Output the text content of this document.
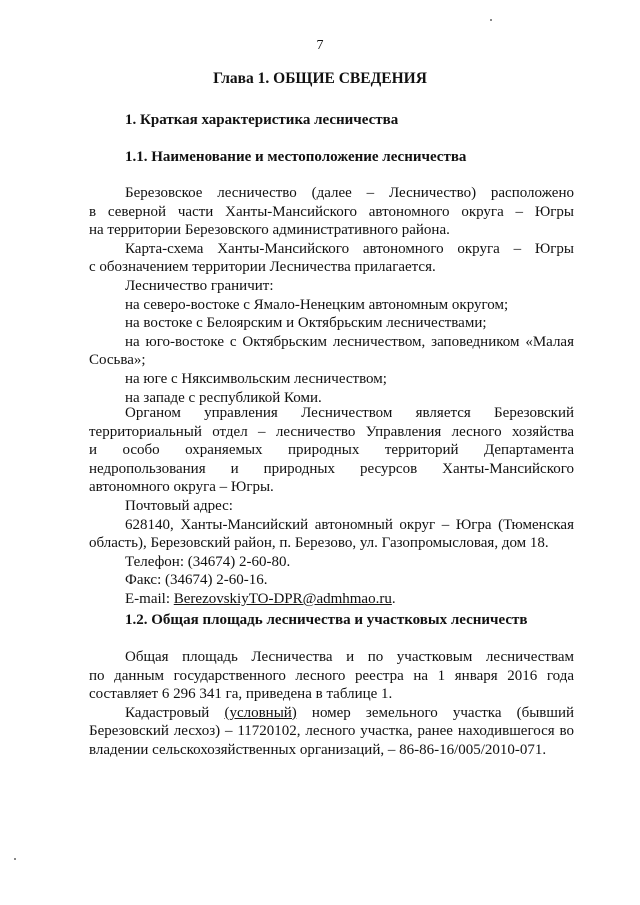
7
Глава 1. ОБЩИЕ СВЕДЕНИЯ
1. Краткая характеристика лесничества
1.1. Наименование и местоположение лесничества
Березовское лесничество (далее – Лесничество) расположено
в северной части Ханты-Мансийского автономного округа – Югры
на территории Березовского административного района.
Карта-схема Ханты-Мансийского автономного округа – Югры
с обозначением территории Лесничества прилагается.
Лесничество граничит:
на северо-востоке с Ямало-Ненецким автономным округом;
на востоке с Белоярским и Октябрьским лесничествами;
на юго-востоке с Октябрьским лесничеством, заповедником «Малая
Сосьва»;
на юге с Няксимвольским лесничеством;
на западе с республикой Коми.
Органом управления Лесничеством является Березовский
территориальный отдел – лесничество Управления лесного хозяйства
и особо охраняемых природных территорий Департамента
недропользования и природных ресурсов Ханты-Мансийского
автономного округа – Югры.
Почтовый адрес:
628140, Ханты-Мансийский автономный округ – Югра (Тюменская
область), Березовский район, п. Березово, ул. Газопромысловая, дом 18.
Телефон: (34674) 2-60-80.
Факс: (34674) 2-60-16.
E-mail: BerezovskiyTO-DPR@admhmao.ru.
1.2. Общая площадь лесничества и участковых лесничеств
Общая площадь Лесничества и по участковым лесничествам
по данным государственного лесного реестра на 1 января 2016 года
составляет 6 296 341 га, приведена в таблице 1.
Кадастровый (условный) номер земельного участка (бывший
Березовский лесхоз) – 11720102, лесного участка, ранее находившегося во
владении сельскохозяйственных организаций, – 86-86-16/005/2010-071.
